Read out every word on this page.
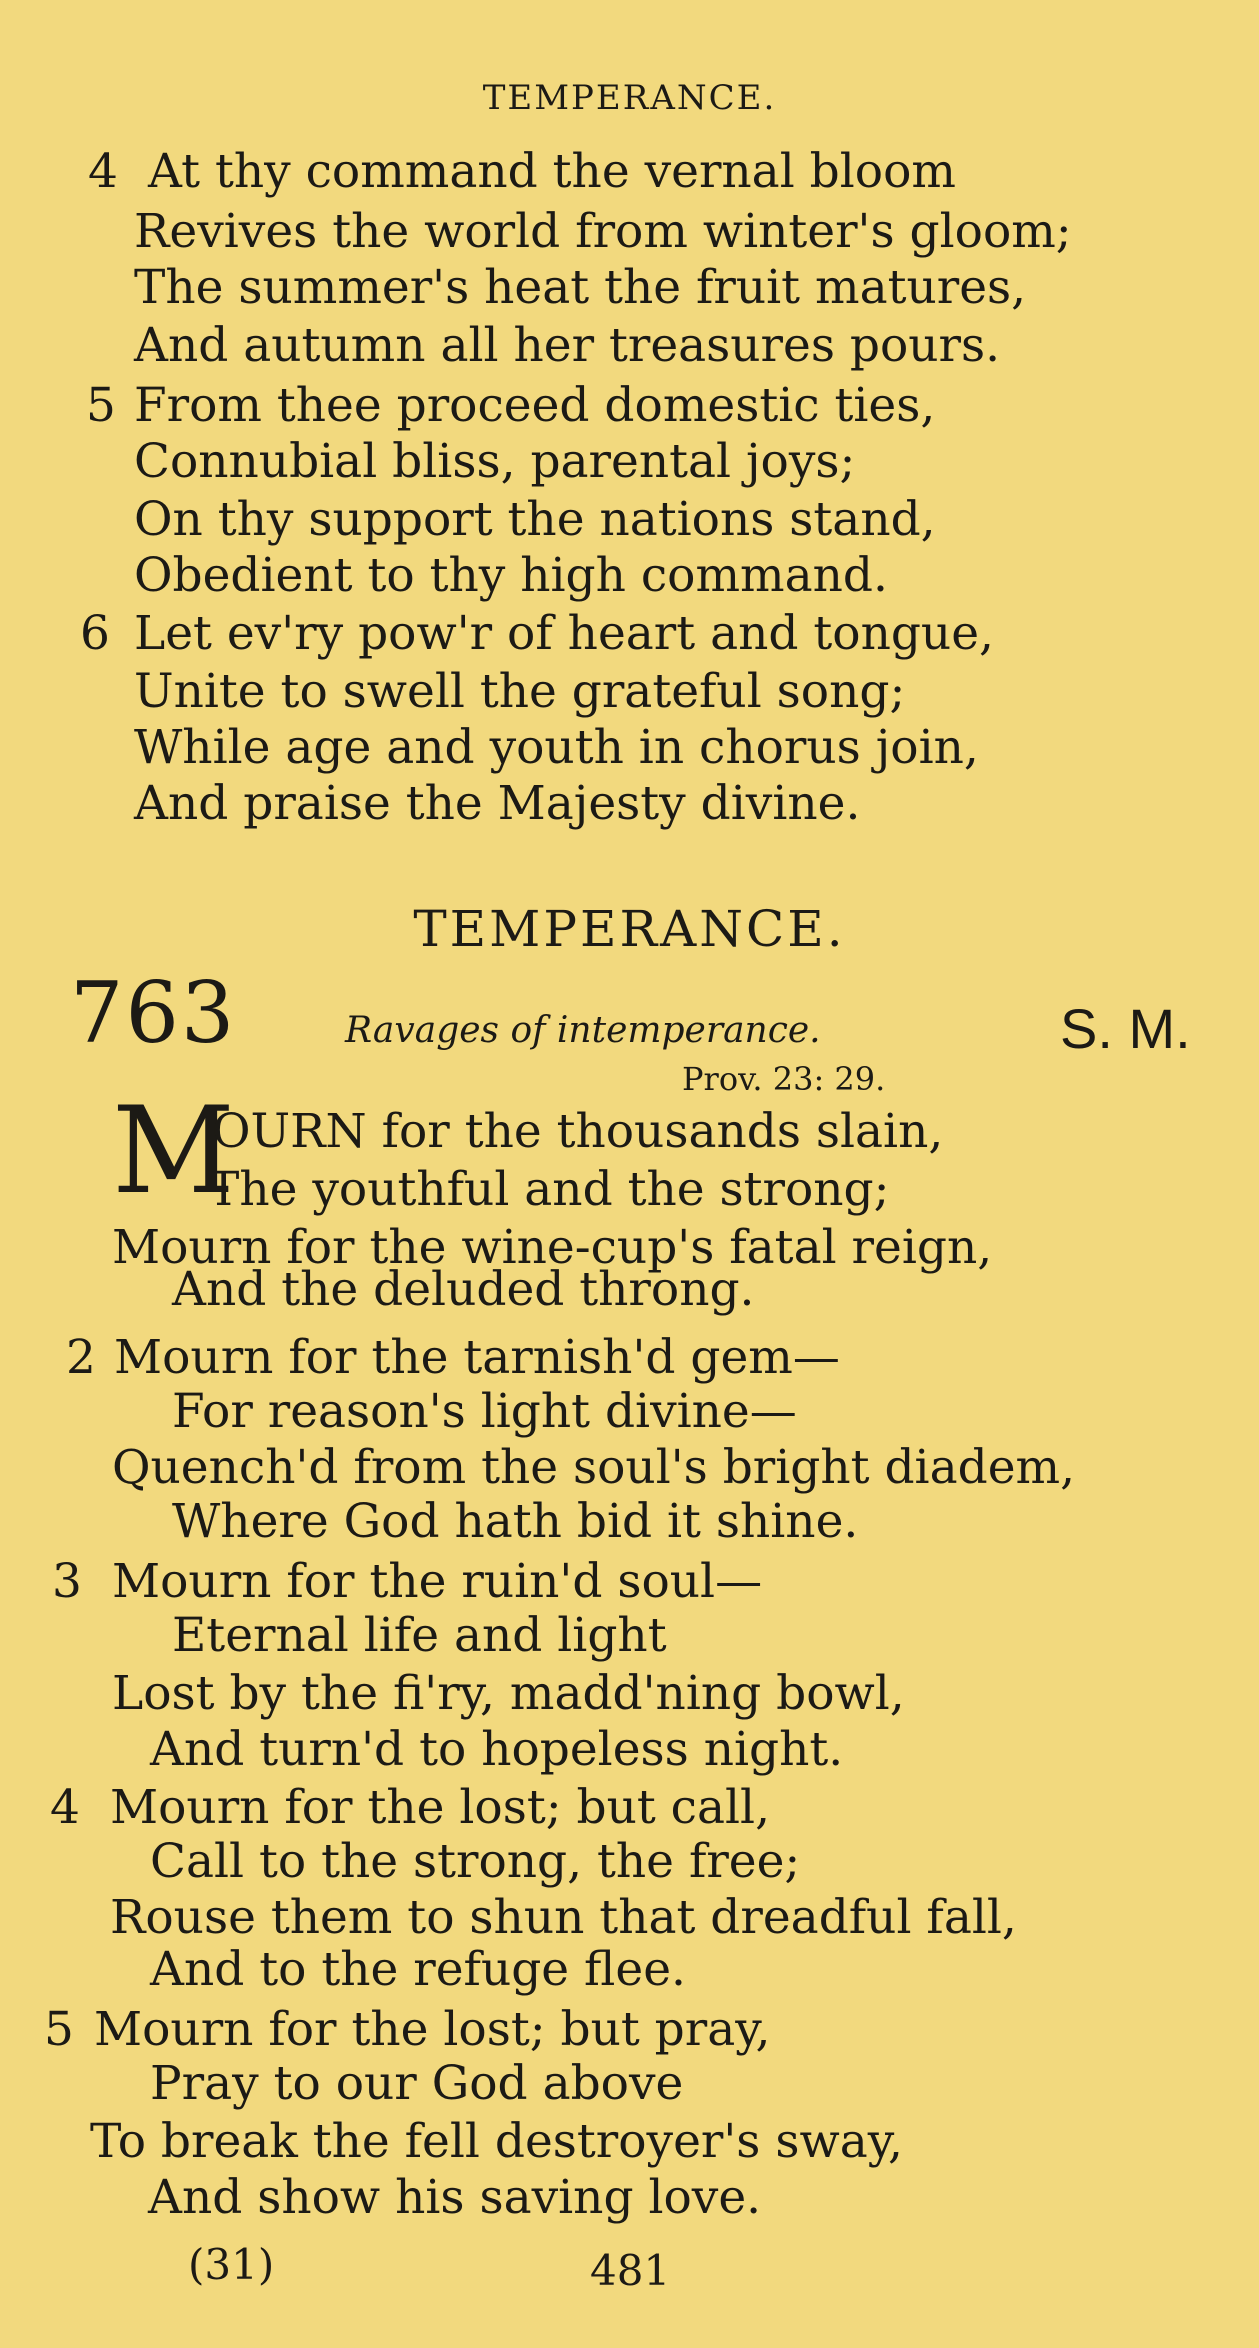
TEMPERANCE.
4 At thy command the vernal bloom
Revives the world from winter's gloom;
The summer's heat the fruit matures,
And autumn all her treasures pours.
5 From thee proceed domestic ties,
Connubial bliss, parental joys;
On thy support the nations stand,
Obedient to thy high command.
6 Let ev'ry pow'r of heart and tongue,
Unite to swell the grateful song;
While age and youth in chorus join,
And praise the Majesty divine.
TEMPERANCE.
763	Ravages of intemperance.	S. M.
Prov. 23: 29.
M
OURN for the thousands slain,
The youthful and the strong;
Mourn for the wine-cup's fatal reign,
And the deluded throng.
2 Mourn for the tarnish'd gem—
For reason's light divine—
Quench'd from the soul's bright diadem,
Where God hath bid it shine.
3 Mourn for the ruin'd soul—
Eternal life and light
Lost by the fi'ry, madd'ning bowl,
And turn'd to hopeless night.
4 Mourn for the lost; but call,
Call to the strong, the free;
Rouse them to shun that dreadful fall,
And to the refuge flee.
5 Mourn for the lost; but pray,
Pray to our God above
To break the fell destroyer's sway,
And show his saving love.
(31)	481
